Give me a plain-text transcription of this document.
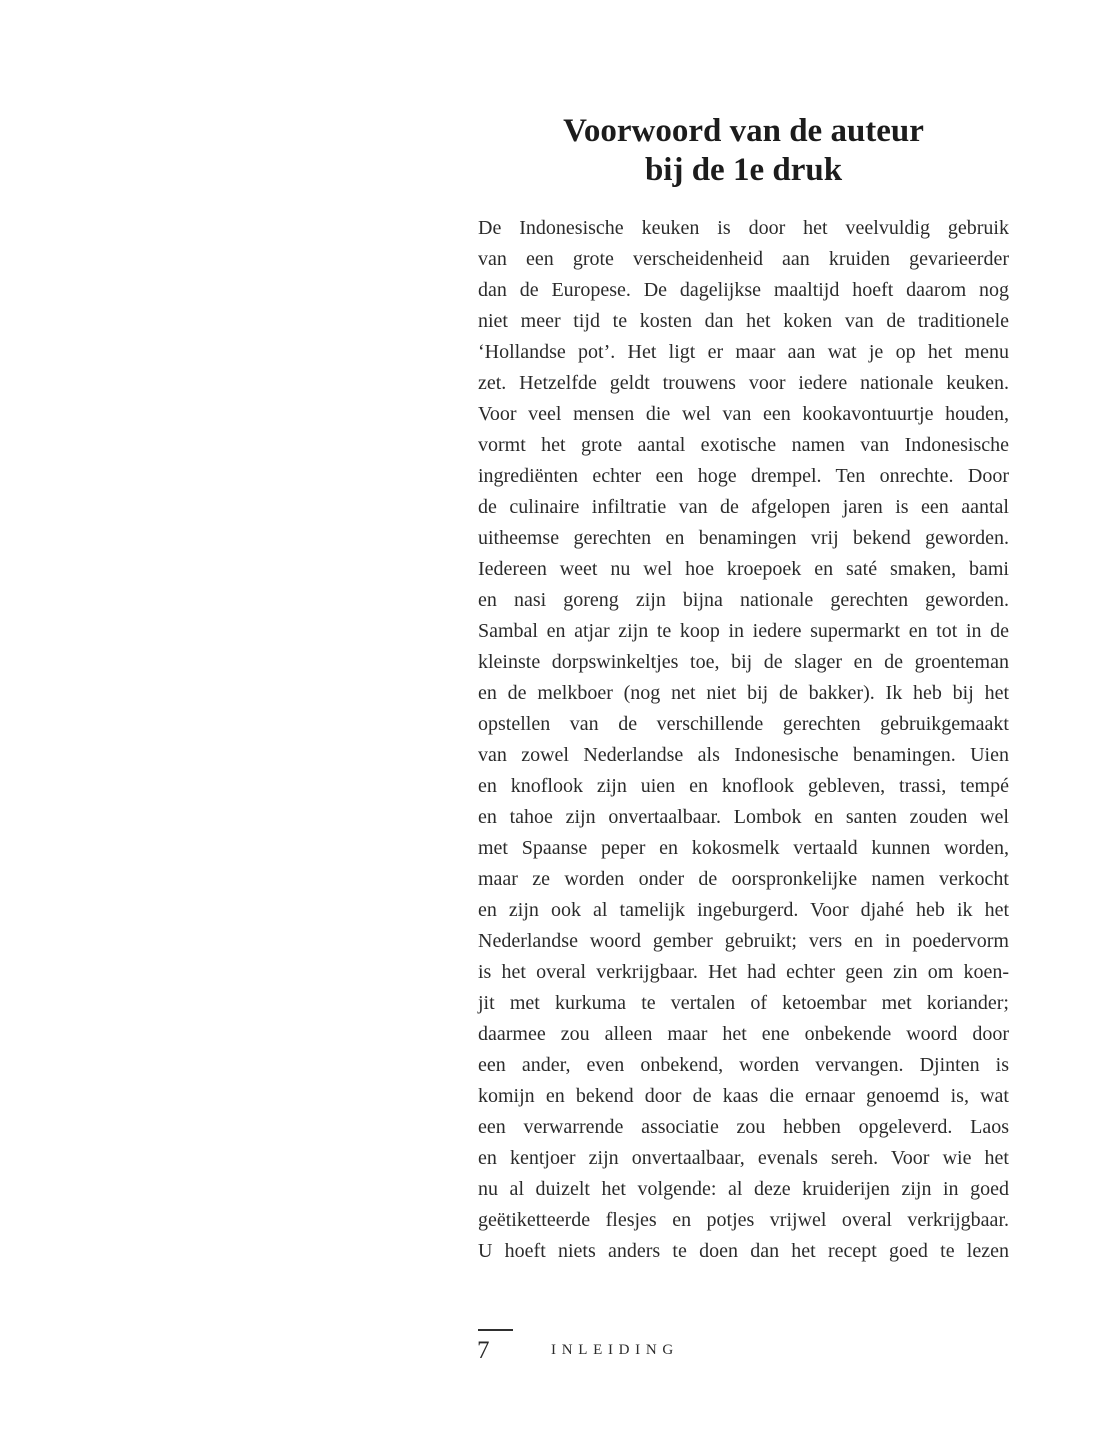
Voorwoord van de auteur
bij de 1e druk
De Indonesische keuken is door het veelvuldig gebruik
van een grote verscheidenheid aan kruiden gevarieerder
dan de Europese. De dagelijkse maaltijd hoeft daarom nog
niet meer tijd te kosten dan het koken van de traditionele
‘Hollandse pot’. Het ligt er maar aan wat je op het menu
zet. Hetzelfde geldt trouwens voor iedere nationale keuken.
Voor veel mensen die wel van een kookavontuurtje houden,
vormt het grote aantal exotische namen van Indonesische
ingrediënten echter een hoge drempel. Ten onrechte. Door
de culinaire infiltratie van de afgelopen jaren is een aantal
uitheemse gerechten en benamingen vrij bekend geworden.
Iedereen weet nu wel hoe kroepoek en saté smaken, bami
en nasi goreng zijn bijna nationale gerechten geworden.
Sambal en atjar zijn te koop in iedere supermarkt en tot in de
kleinste dorpswinkeltjes toe, bij de slager en de groenteman
en de melkboer (nog net niet bij de bakker). Ik heb bij het
opstellen van de verschillende gerechten gebruikgemaakt
van zowel Nederlandse als Indonesische benamingen. Uien
en knoflook zijn uien en knoflook gebleven, trassi, tempé
en tahoe zijn onvertaalbaar. Lombok en santen zouden wel
met Spaanse peper en kokosmelk vertaald kunnen worden,
maar ze worden onder de oorspronkelijke namen verkocht
en zijn ook al tamelijk ingeburgerd. Voor djahé heb ik het
Nederlandse woord gember gebruikt; vers en in poedervorm
is het overal verkrijgbaar. Het had echter geen zin om koen-
jit met kurkuma te vertalen of ketoembar met koriander;
daarmee zou alleen maar het ene onbekende woord door
een ander, even onbekend, worden vervangen. Djinten is
komijn en bekend door de kaas die ernaar genoemd is, wat
een verwarrende associatie zou hebben opgeleverd. Laos
en kentjoer zijn onvertaalbaar, evenals sereh. Voor wie het
nu al duizelt het volgende: al deze kruiderijen zijn in goed
geëtiketteerde flesjes en potjes vrijwel overal verkrijgbaar.
U hoeft niets anders te doen dan het recept goed te lezen
7	INLEIDING
